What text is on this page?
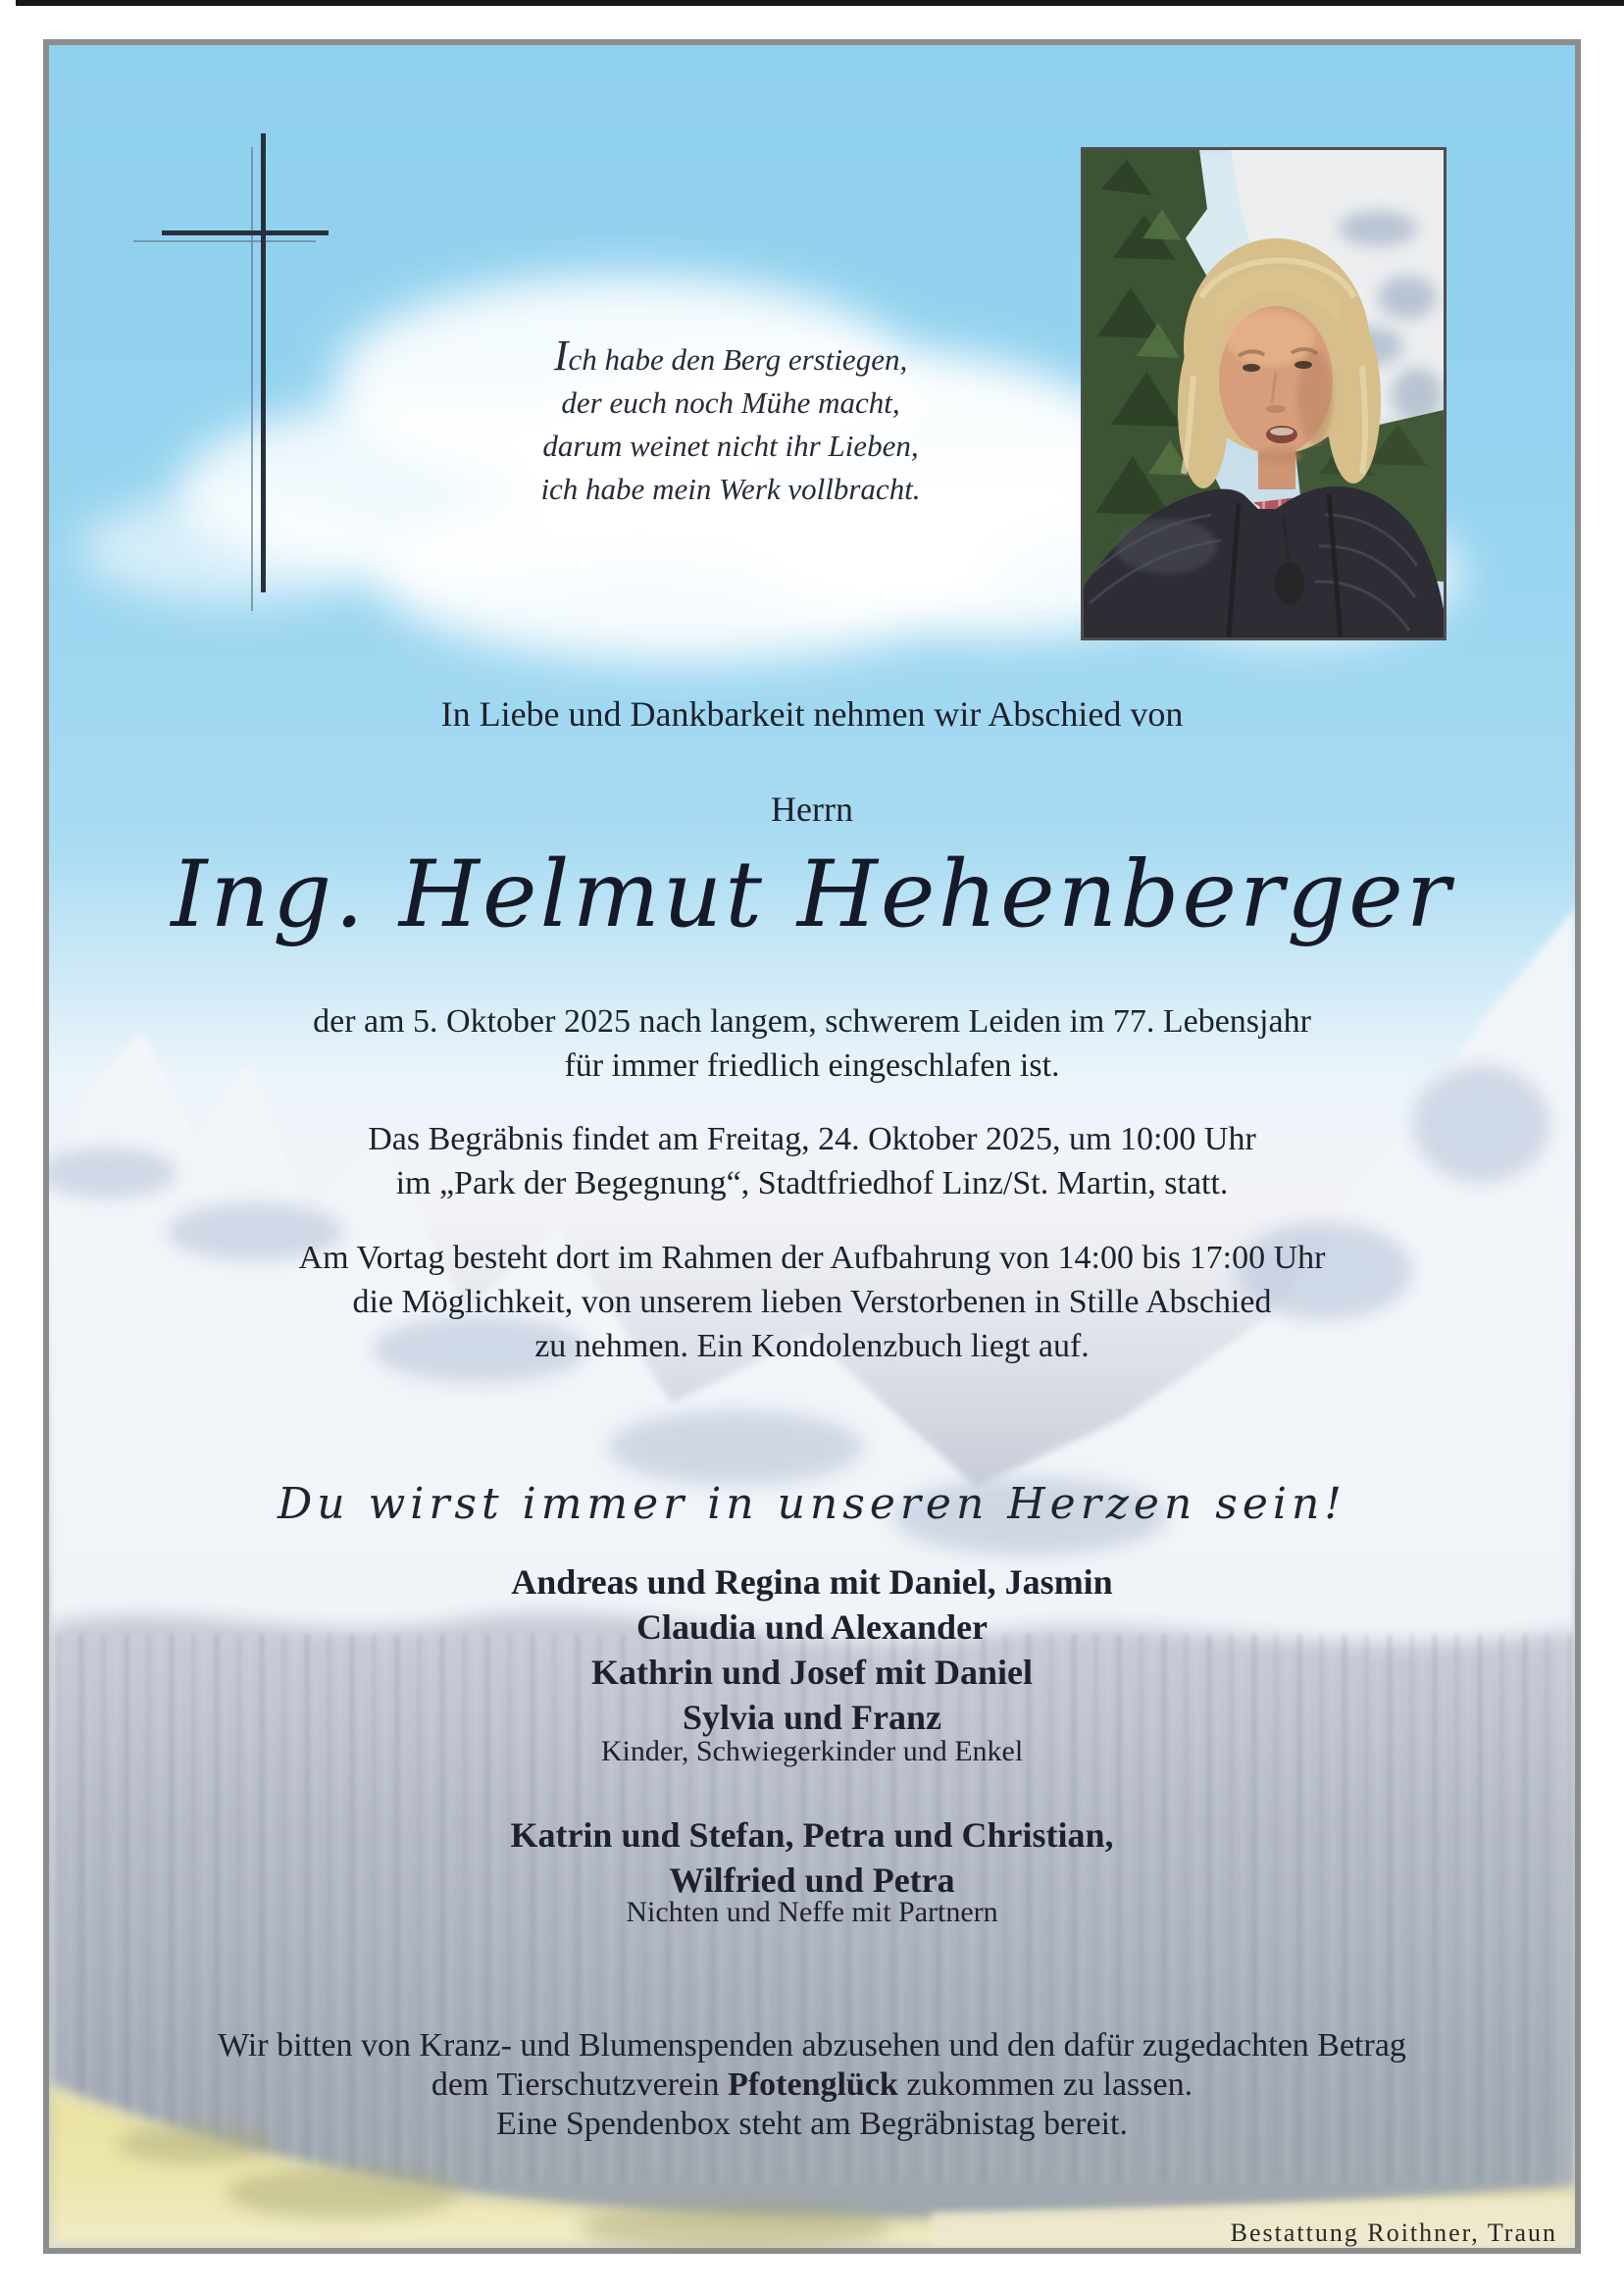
Ich habe den Berg erstiegen,
der euch noch Mühe macht,
darum weinet nicht ihr Lieben,
ich habe mein Werk vollbracht.
In Liebe und Dankbarkeit nehmen wir Abschied von
Herrn
Ing. Helmut Hehenberger
der am 5. Oktober 2025 nach langem, schwerem Leiden im 77. Lebensjahr
für immer friedlich eingeschlafen ist.
Das Begräbnis findet am Freitag, 24. Oktober 2025, um 10:00 Uhr
im „Park der Begegnung“, Stadtfriedhof Linz/St. Martin, statt.
Am Vortag besteht dort im Rahmen der Aufbahrung von 14:00 bis 17:00 Uhr
die Möglichkeit, von unserem lieben Verstorbenen in Stille Abschied
zu nehmen. Ein Kondolenzbuch liegt auf.
Du wirst immer in unseren Herzen sein!
Andreas und Regina mit Daniel, Jasmin
Claudia und Alexander
Kathrin und Josef mit Daniel
Sylvia und Franz
Kinder, Schwiegerkinder und Enkel
Katrin und Stefan, Petra und Christian,
Wilfried und Petra
Nichten und Neffe mit Partnern
Wir bitten von Kranz- und Blumenspenden abzusehen und den dafür zugedachten Betrag
dem Tierschutzverein Pfotenglück zukommen zu lassen.
Eine Spendenbox steht am Begräbnistag bereit.
Bestattung Roithner, Traun
